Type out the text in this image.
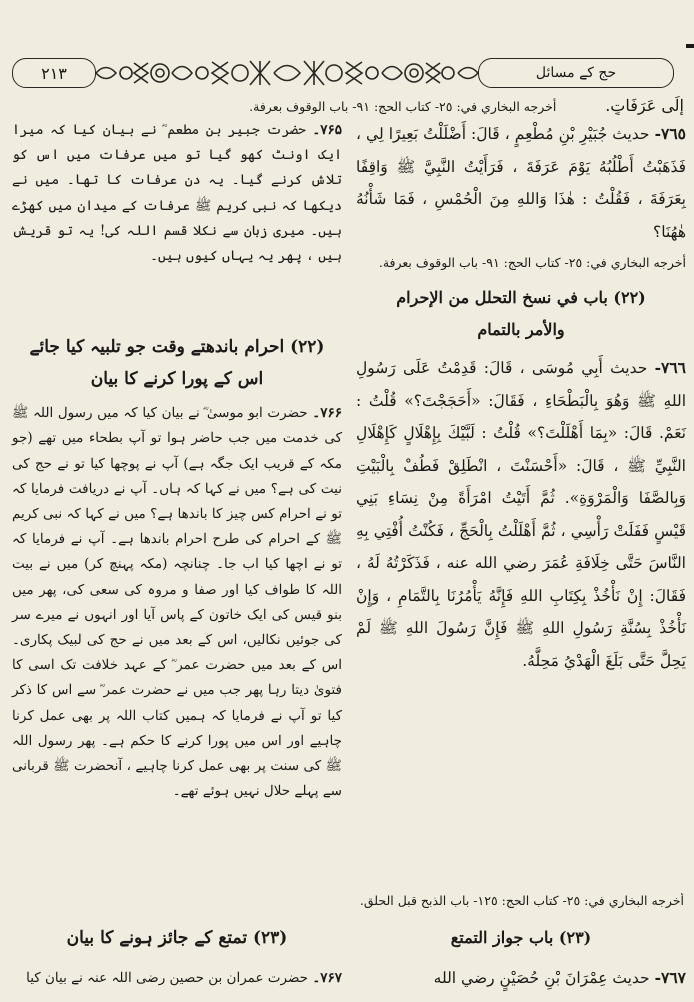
۲۱۳	حج کے مسائل
إِلَى عَرَفَاتٍ.  أخرجه البخاري في: ٢٥- كتاب الحج: ٩١- باب الوقوف بعرفة.

٧٦٥- حديث جُبَيْرِ بْنِ مُطْعِمٍ ، قَالَ: أَضْلَلْتُ بَعِيرًا لِي ، فَذَهَبْتُ أَطْلُبُهُ يَوْمَ عَرَفَةَ ، فَرَأَيْتُ النَّبِيَّ ﷺ وَاقِفًا بِعَرَفَةَ ، فَقُلْتُ : هٰذَا وَاللهِ مِنَ الْحُمْسِ ، فَمَا شَأْنُهُ هٰهُنَا؟

أخرجه البخاري في: ٢٥- كتاب الحج: ٩١- باب الوقوف بعرفة.

(٢٢) باب في نسخ التحلل من الإحرام

والأمر بالتمام

٧٦٦- حديث أَبِي مُوسَى ، قَالَ: قَدِمْتُ عَلَى رَسُولِ اللهِ ﷺ وَهُوَ بِالْبَطْحَاءِ ، فَقَالَ: «أَحَجَجْتَ؟» قُلْتُ : نَعَمْ. قَالَ: «بِمَا أَهْلَلْتَ؟» قُلْتُ : لَبَّيْكَ بِإِهْلَالٍ كَإِهْلَالِ النَّبِيِّ ﷺ ، قَالَ: «أَحْسَنْتَ ، انْطَلِقْ فَطُفْ بِالْبَيْتِ وَبِالصَّفَا وَالْمَرْوَةِ». ثُمَّ أَتَيْتُ امْرَأَةً مِنْ نِسَاءِ بَنِي قَيْسٍ فَفَلَتْ رَأْسِي ، ثُمَّ أَهْلَلْتُ بِالْحَجِّ ، فَكُنْتُ أُفْتِي بِهِ النَّاسَ حَتَّى خِلَافَةِ عُمَرَ رضي الله عنه ، فَذَكَرْتُهُ لَهُ ، فَقَالَ: إِنْ نَأْخُذْ بِكِتَابِ اللهِ فَإِنَّهُ يَأْمُرُنَا بِالتَّمَامِ ، وَإِنْ نَأْخُذْ بِسُنَّةِ رَسُولِ اللهِ ﷺ فَإِنَّ رَسُولَ اللهِ ﷺ لَمْ يَحِلَّ حَتَّى بَلَغَ الْهَدْيُ مَحِلَّهُ.

۷۶۵۔ حضرت جبیر بن مطعم ؓ نے بیان کیا کہ میرا ایک اونٹ کھو گیا تو میں عرفات میں اس کو تلاش کرنے گیا۔ یہ دن عرفات کا تھا۔ میں نے دیکھا کہ نبی کریم ﷺ عرفات کے میدان میں کھڑے ہیں۔ میری زبان سے نکلا قسم اللہ کی! یہ تو قریش ہیں ، پھر یہ یہاں کیوں ہیں۔

(۲۲) احرام باندھتے وقت جو تلبیہ کیا جائے

اس کے پورا کرنے کا بیان

۷۶۶۔ حضرت ابو موسیٰ ؓ نے بیان کیا کہ میں رسول اللہ ﷺ کی خدمت میں جب حاضر ہوا تو آپ بطحاء میں تھے (جو مکہ کے قریب ایک جگہ ہے) آپ نے پوچھا کیا تو نے حج کی نیت کی ہے؟ میں نے کہا کہ ہاں۔ آپ نے دریافت فرمایا کہ تو نے احرام کس چیز کا باندھا ہے؟ میں نے کہا کہ نبی کریم ﷺ کے احرام کی طرح احرام باندھا ہے۔ آپ نے فرمایا کہ تو نے اچھا کیا اب جا۔ چنانچہ (مکہ پہنچ کر) میں نے بیت اللہ کا طواف کیا اور صفا و مروہ کی سعی کی، پھر میں بنو قیس کی ایک خاتون کے پاس آیا اور انہوں نے میرے سر کی جوئیں نکالیں، اس کے بعد میں نے حج کی لبیک پکاری۔ اس کے بعد میں حضرت عمر ؓ کے عہد خلافت تک اسی کا فتویٰ دیتا رہا پھر جب میں نے حضرت عمر ؓ سے اس کا ذکر کیا تو آپ نے فرمایا کہ ہمیں کتاب اللہ پر بھی عمل کرنا چاہیے اور اس میں پورا کرنے کا حکم ہے۔ پھر رسول اللہ ﷺ کی سنت پر بھی عمل کرنا چاہیے ، آنحضرت ﷺ قربانی سے پہلے حلال نہیں ہوئے تھے۔

أخرجه البخاري في: ٢٥- كتاب الحج: ١٢٥- باب الذبح قبل الحلق.
(٢٣) باب جواز التمتع
(۲۳) تمتع کے جائز ہونے کا بیان
٧٦٧- حديث عِمْرَانَ بْنِ حُصَيْنٍ رضي الله
۷۶۷۔ حضرت عمران بن حصین رضی اللہ عنہ نے بیان کیا
